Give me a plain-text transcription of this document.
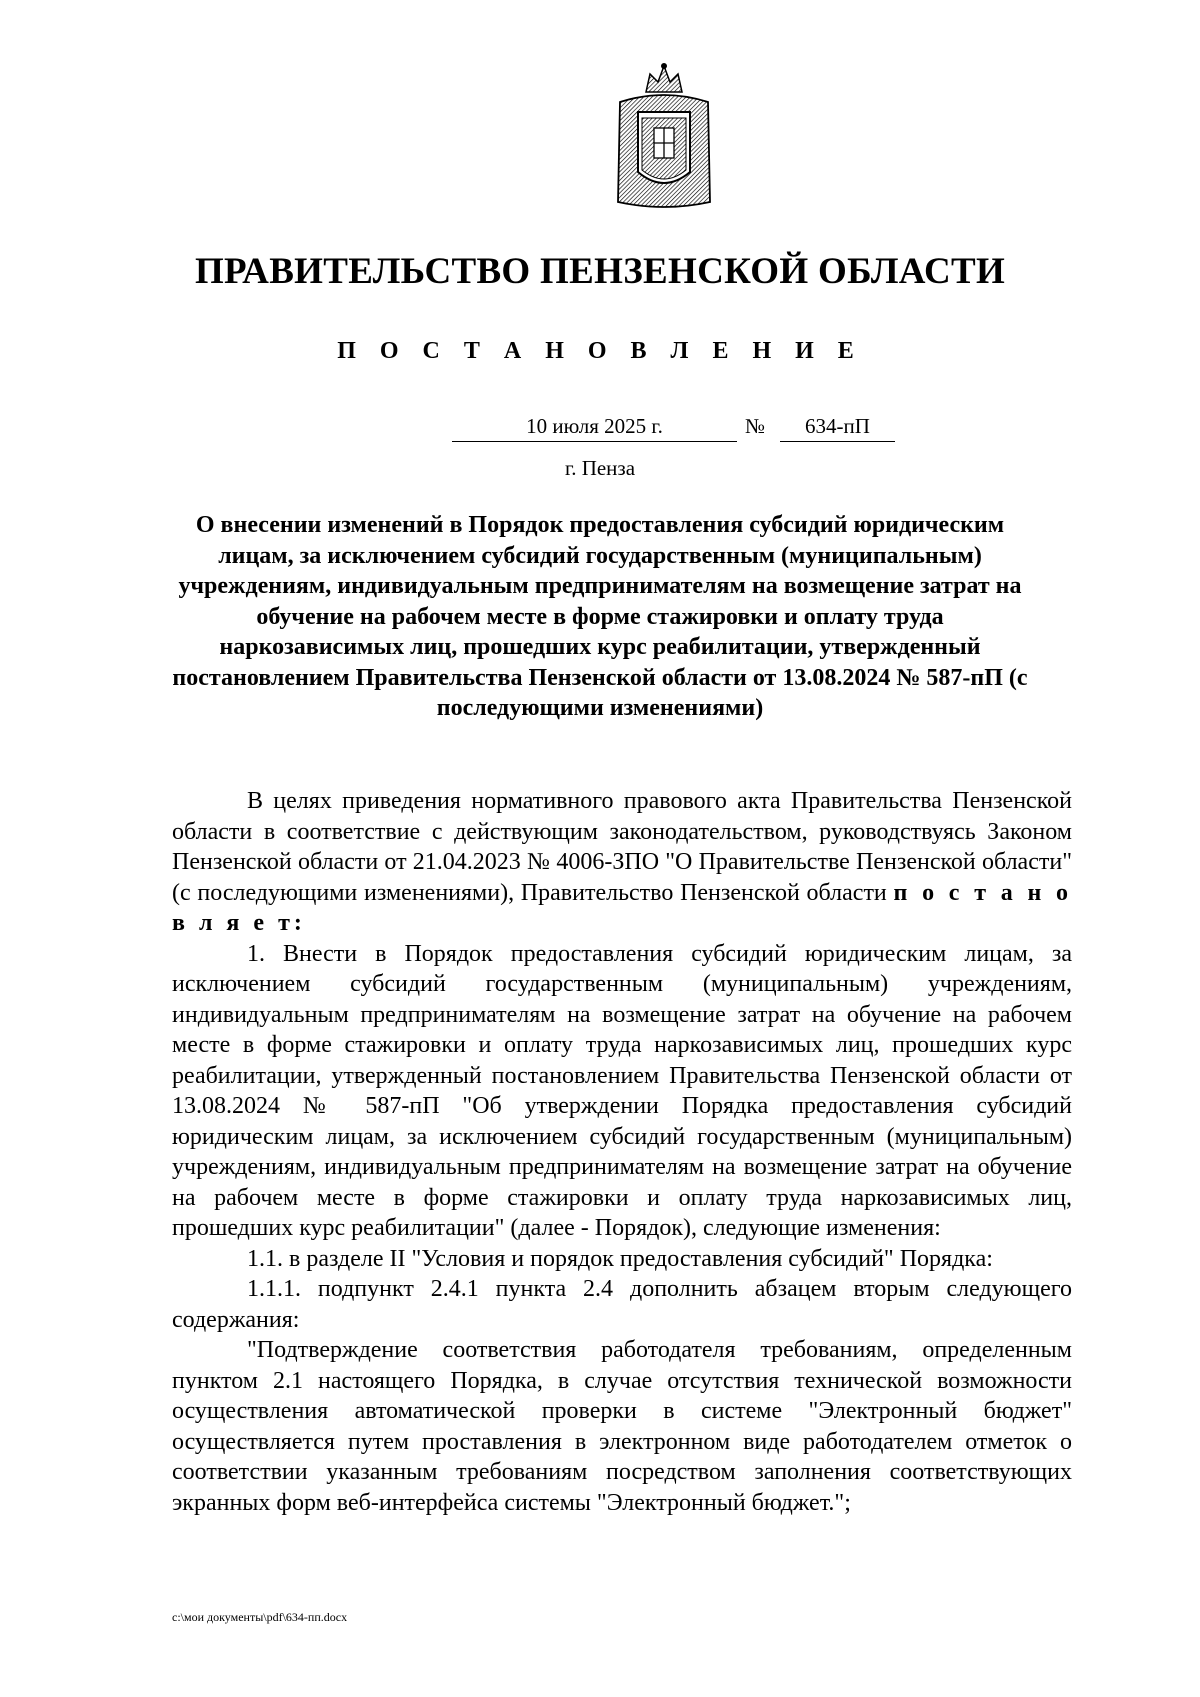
ПРАВИТЕЛЬСТВО ПЕНЗЕНСКОЙ ОБЛАСТИ
П О С Т А Н О В Л Е Н И Е
10 июля 2025 г.	№	634-пП
г. Пенза
О внесении изменений в Порядок предоставления субсидий юридическим лицам, за исключением субсидий государственным (муниципальным) учреждениям, индивидуальным предпринимателям на возмещение затрат на обучение на рабочем месте в форме стажировки и оплату труда наркозависимых лиц, прошедших курс реабилитации, утвержденный постановлением Правительства Пензенской области от 13.08.2024 № 587-пП (с последующими изменениями)

В целях приведения нормативного правового акта Правительства Пензенской области в соответствие с действующим законодательством, руководствуясь Законом Пензенской области от 21.04.2023 № 4006-ЗПО "О Правительстве Пензенской области" (с последующими изменениями), Правительство Пензенской области п о с т а н о в л я е т:

1. Внести в Порядок предоставления субсидий юридическим лицам, за исключением субсидий государственным (муниципальным) учреждениям, индивидуальным предпринимателям на возмещение затрат на обучение на рабочем месте в форме стажировки и оплату труда наркозависимых лиц, прошедших курс реабилитации, утвержденный постановлением Правительства Пензенской области от 13.08.2024 № 587-пП "Об утверждении Порядка предоставления субсидий юридическим лицам, за исключением субсидий государственным (муниципальным) учреждениям, индивидуальным предпринимателям на возмещение затрат на обучение на рабочем месте в форме стажировки и оплату труда наркозависимых лиц, прошедших курс реабилитации" (далее - Порядок), следующие изменения:

1.1. в разделе II "Условия и порядок предоставления субсидий" Порядка:

1.1.1. подпункт 2.4.1 пункта 2.4 дополнить абзацем вторым следующего содержания:

"Подтверждение соответствия работодателя требованиям, определенным пунктом 2.1 настоящего Порядка, в случае отсутствия технической возможности осуществления автоматической проверки в системе "Электронный бюджет" осуществляется путем проставления в электронном виде работодателем отметок о соответствии указанным требованиям посредством заполнения соответствующих экранных форм веб-интерфейса системы "Электронный бюджет.";

c:\мои документы\pdf\634-пп.docx
